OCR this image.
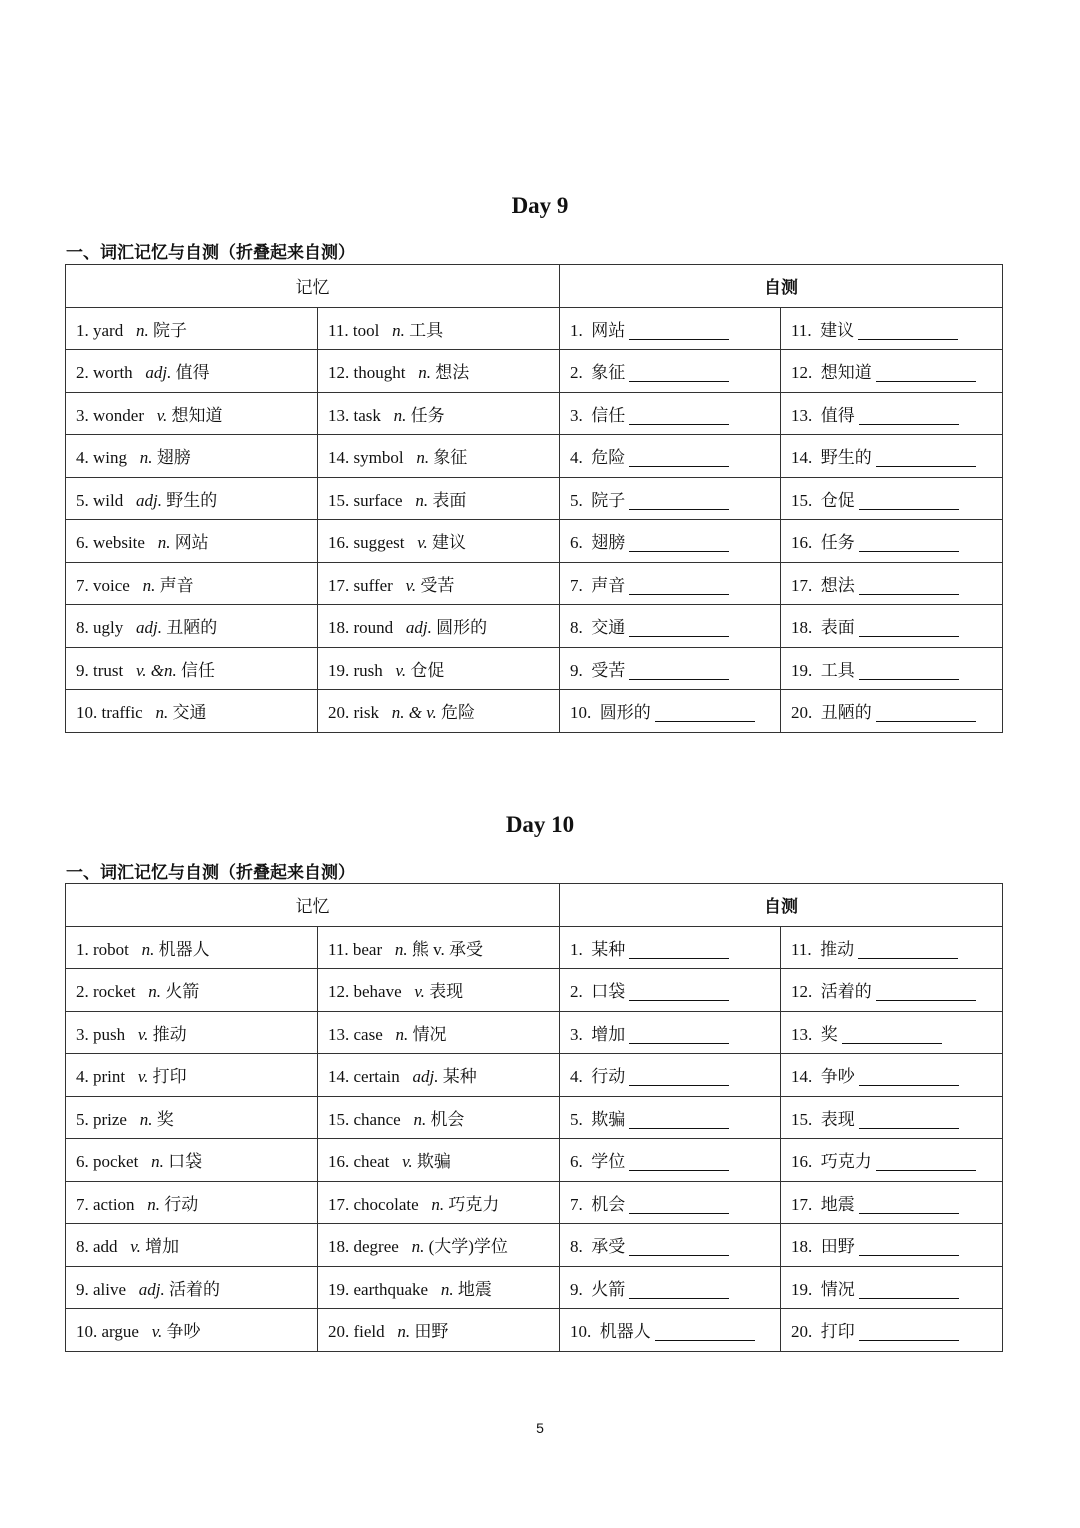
Day 9

一、词汇记忆与自测（折叠起来自测）

记忆		自测	
1. yard n. 院子	11. tool n. 工具	1. 网站	11. 建议
2. worth adj. 值得	12. thought n. 想法	2. 象征	12. 想知道
3. wonder v. 想知道	13. task n. 任务	3. 信任	13. 值得
4. wing n. 翅膀	14. symbol n. 象征	4. 危险	14. 野生的
5. wild adj. 野生的	15. surface n. 表面	5. 院子	15. 仓促
6. website n. 网站	16. suggest v. 建议	6. 翅膀	16. 任务
7. voice n. 声音	17. suffer v. 受苦	7. 声音	17. 想法
8. ugly adj. 丑陋的	18. round adj. 圆形的	8. 交通	18. 表面
9. trust v. &n. 信任	19. rush v. 仓促	9. 受苦	19. 工具
10. traffic n. 交通	20. risk n. & v. 危险	10. 圆形的	20. 丑陋的
Day 10

一、词汇记忆与自测（折叠起来自测）

记忆		自测	
1. robot n. 机器人	11. bear n. 熊 v. 承受	1. 某种	11. 推动
2. rocket n. 火箭	12. behave v. 表现	2. 口袋	12. 活着的
3. push v. 推动	13. case n. 情况	3. 增加	13. 奖
4. print v. 打印	14. certain adj. 某种	4. 行动	14. 争吵
5. prize n. 奖	15. chance n. 机会	5. 欺骗	15. 表现
6. pocket n. 口袋	16. cheat v. 欺骗	6. 学位	16. 巧克力
7. action n. 行动	17. chocolate n. 巧克力	7. 机会	17. 地震
8. add v. 增加	18. degree n. (大学)学位	8. 承受	18. 田野
9. alive adj. 活着的	19. earthquake n. 地震	9. 火箭	19. 情况
10. argue v. 争吵	20. field n. 田野	10. 机器人	20. 打印
5
